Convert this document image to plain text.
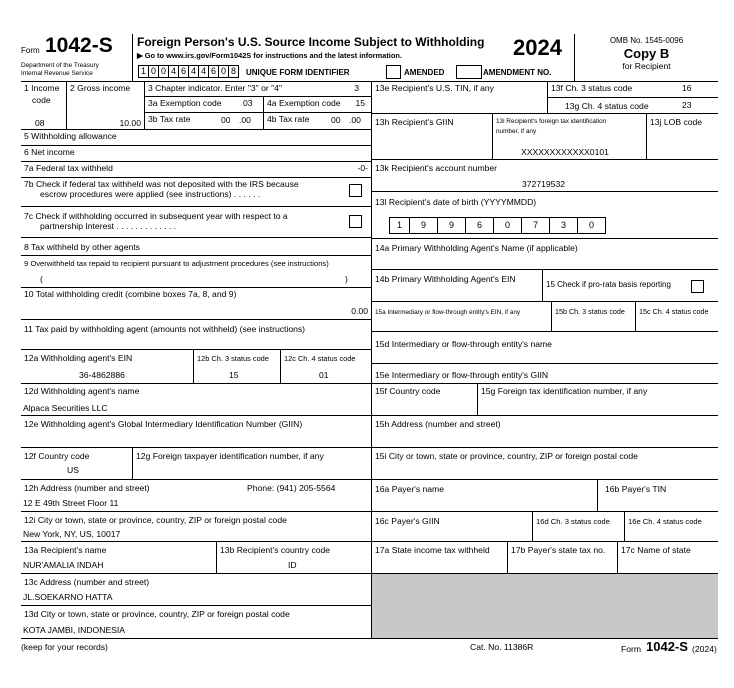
Form 1042-S
Department of the Treasury
Internal Revenue Service
Foreign Person's U.S. Source Income Subject to Withholding
▶ Go to www.irs.gov/Form1042S for instructions and the latest information.	2024
1 0 0 4 6 4 4 6 0 8 UNIQUE FORM IDENTIFIER	AMENDED	AMENDMENT NO.
OMB No. 1545-0096
Copy B
for Recipient
1 Income
code
08
2 Gross income
10.00
3 Chapter indicator. Enter "3" or "4"	3
3a Exemption code 03	4a Exemption code 15
3b Tax rate	00 .00	4b Tax rate	00 .00
5 Withholding allowance
6 Net income
7a Federal tax withheld	-0-
7b Check if federal tax withheld was not deposited with the IRS because
escrow procedures were applied (see instructions) . . . . . .
7c Check if withholding occurred in subsequent year with respect to a
partnership Interest . . . . . . . . . . . . .
8 Tax withheld by other agents
9 Overwithheld tax repaid to recipient pursuant to adjustment procedures (see instructions)
(	)
10 Total withholding credit (combine boxes 7a, 8, and 9)
0.00
11 Tax paid by withholding agent (amounts not withheld) (see instructions)
12a Withholding agent's EIN
36-4862886
12b Ch. 3 status code
15
12c Ch. 4 status code
01
12d Withholding agent's name
Alpaca Securities LLC
12e Withholding agent's Global Intermediary Identification Number (GIIN)
12f Country code
US
12g Foreign taxpayer identification number, if any
12h Address (number and street)	Phone: (941) 205-5564
12 E 49th Street Floor 11
12i City or town, state or province, country, ZIP or foreign postal code
New York, NY, US, 10017
13a Recipient's name
NUR'AMALIA INDAH
13b Recipient's country code
ID
13c Address (number and street)
JL.SOEKARNO HATTA
13d City or town, state or province, country, ZIP or foreign postal code
KOTA JAMBI, INDONESIA
13e Recipient's U.S. TIN, if any	13f Ch. 3 status code	16
13g Ch. 4 status code	23
13h Recipient's GIIN	13i Recipient's foreign tax identification
number, if any
XXXXXXXXXXXX0101
13j LOB code
13k Recipient's account number
372719532
13l Recipient's date of birth (YYYYMMDD)
1	9	9	6	0	7	3	0
14a Primary Withholding Agent's Name (if applicable)
14b Primary Withholding Agent's EIN
15 Check if pro-rata basis reporting
$_{15a Intermediary or flow-through entity's EIN, if any}$	$_{15b Ch. 3 status code}$	$_{15c Ch. 4 status code}$
15d Intermediary or flow-through entity's name
15e Intermediary or flow-through entity's GIIN
15f Country code	15g Foreign tax identification number, if any
15h Address (number and street)
15i City or town, state or province, country, ZIP or foreign postal code
16a Payer's name	16b Payer's TIN
16c Payer's GIIN	16d Ch. 3 status code	16e Ch. 4 status code
17a State income tax withheld	17b Payer's state tax no.	17c Name of state
(keep for your records)	Cat. No. 11386R	Form 1042-S (2024)
